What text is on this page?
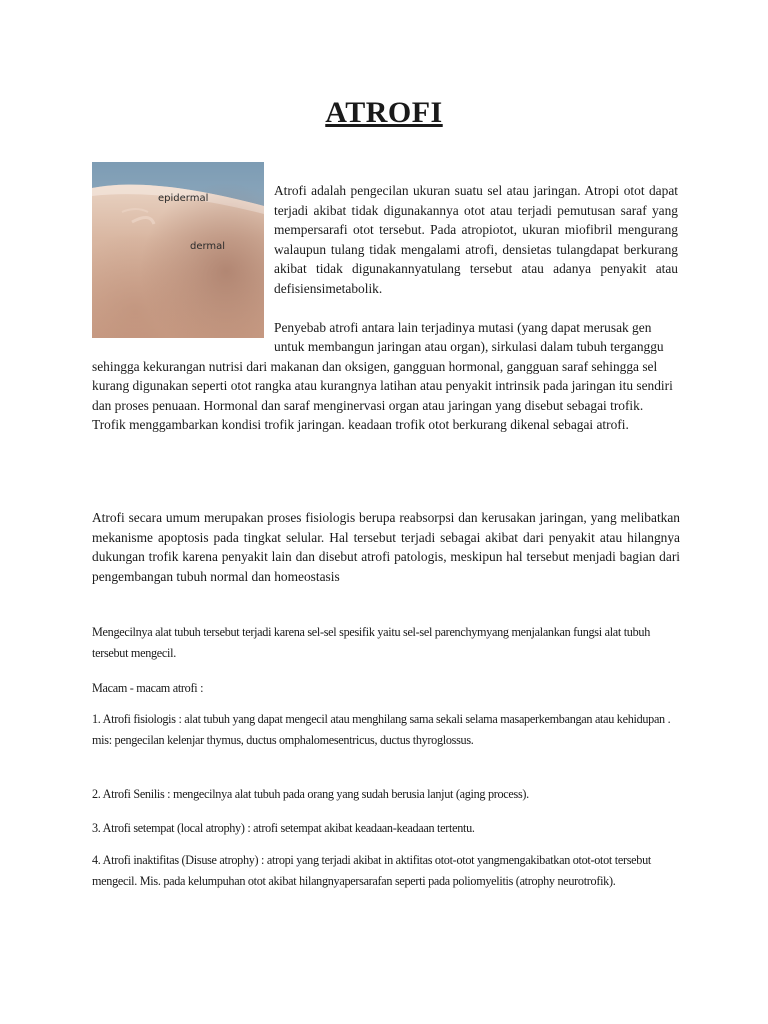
ATROFI
epidermal
dermal

Atrofi adalah pengecilan ukuran suatu sel atau jaringan. Atropi otot dapat terjadi akibat tidak digunakannya otot atau terjadi pemutusan saraf yang mempersarafi otot tersebut. Pada atropiotot, ukuran miofibril mengurang walaupun tulang tidak mengalami atrofi, densietas tulangdapat berkurang akibat tidak digunakannyatulang tersebut atau adanya penyakit atau defisiensimetabolik.

Penyebab atrofi antara lain terjadinya mutasi (yang dapat merusak gen untuk membangun jaringan atau organ), sirkulasi dalam tubuh terganggu sehingga kekurangan nutrisi dari makanan dan oksigen, gangguan hormonal, gangguan saraf sehingga sel kurang digunakan seperti otot rangka atau kurangnya latihan atau penyakit intrinsik pada jaringan itu sendiri dan proses penuaan. Hormonal dan saraf menginervasi organ atau jaringan yang disebut sebagai trofik. Trofik menggambarkan kondisi trofik jaringan. keadaan trofik otot berkurang dikenal sebagai atrofi.

Atrofi secara umum merupakan proses fisiologis berupa reabsorpsi dan kerusakan jaringan, yang melibatkan mekanisme apoptosis pada tingkat selular. Hal tersebut terjadi sebagai akibat dari penyakit atau hilangnya dukungan trofik karena penyakit lain dan disebut atrofi patologis, meskipun hal tersebut menjadi bagian dari pengembangan tubuh normal dan homeostasis

Mengecilnya alat tubuh tersebut terjadi karena sel-sel spesifik yaitu sel-sel parenchymyang menjalankan fungsi alat tubuh tersebut mengecil.

Macam - macam atrofi :

1. Atrofi fisiologis : alat tubuh yang dapat mengecil atau menghilang sama sekali selama masaperkembangan atau kehidupan . mis: pengecilan kelenjar thymus, ductus omphalomesentricus, ductus thyroglossus.

2. Atrofi Senilis : mengecilnya alat tubuh pada orang yang sudah berusia lanjut (aging process).

3. Atrofi setempat (local atrophy) : atrofi setempat akibat keadaan-keadaan tertentu.

4. Atrofi inaktifitas (Disuse atrophy) : atropi yang terjadi akibat in aktifitas otot-otot yangmengakibatkan otot-otot tersebut mengecil. Mis. pada kelumpuhan otot akibat hilangnyapersarafan seperti pada poliomyelitis (atrophy neurotrofik).
